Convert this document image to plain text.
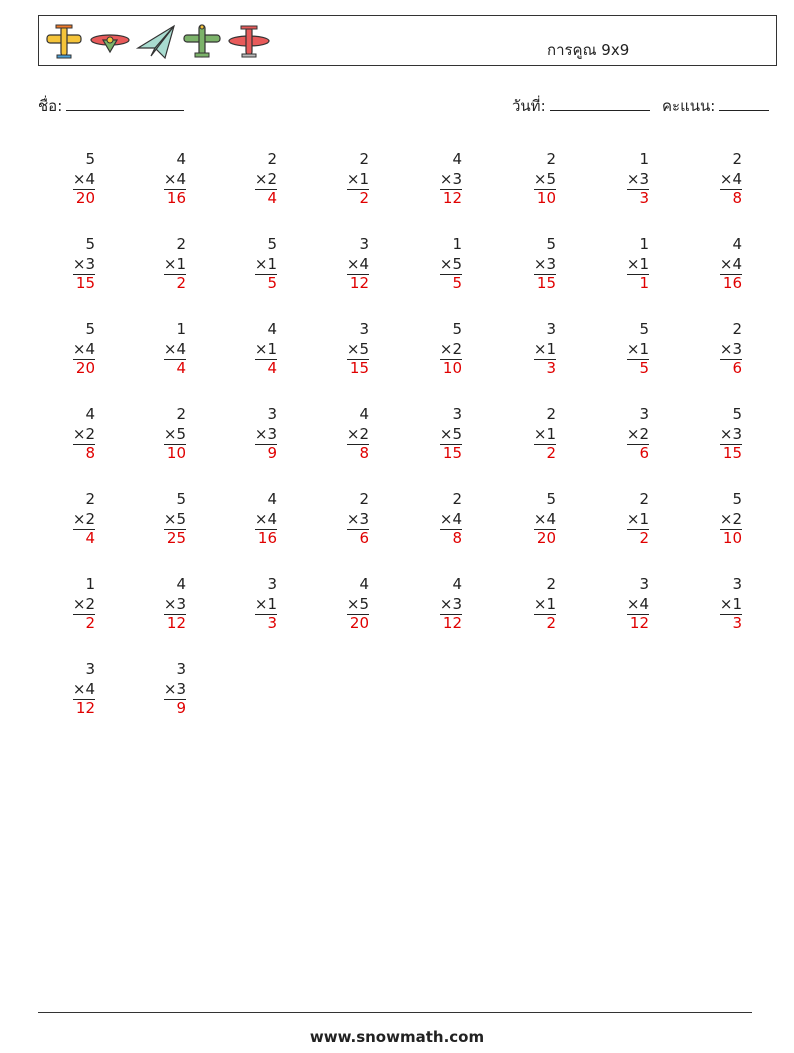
การคูณ 9x9
ชื่อ:	วันที่:	คะแนน:
5
×4
20
4
×4
16
2
×2
4
2
×1
2
4
×3
12
2
×5
10
1
×3
3
2
×4
8
5
×3
15
2
×1
2
5
×1
5
3
×4
12
1
×5
5
5
×3
15
1
×1
1
4
×4
16
5
×4
20
1
×4
4
4
×1
4
3
×5
15
5
×2
10
3
×1
3
5
×1
5
2
×3
6
4
×2
8
2
×5
10
3
×3
9
4
×2
8
3
×5
15
2
×1
2
3
×2
6
5
×3
15
2
×2
4
5
×5
25
4
×4
16
2
×3
6
2
×4
8
5
×4
20
2
×1
2
5
×2
10
1
×2
2
4
×3
12
3
×1
3
4
×5
20
4
×3
12
2
×1
2
3
×4
12
3
×1
3
3
×4
12
3
×3
9
www.snowmath.com
